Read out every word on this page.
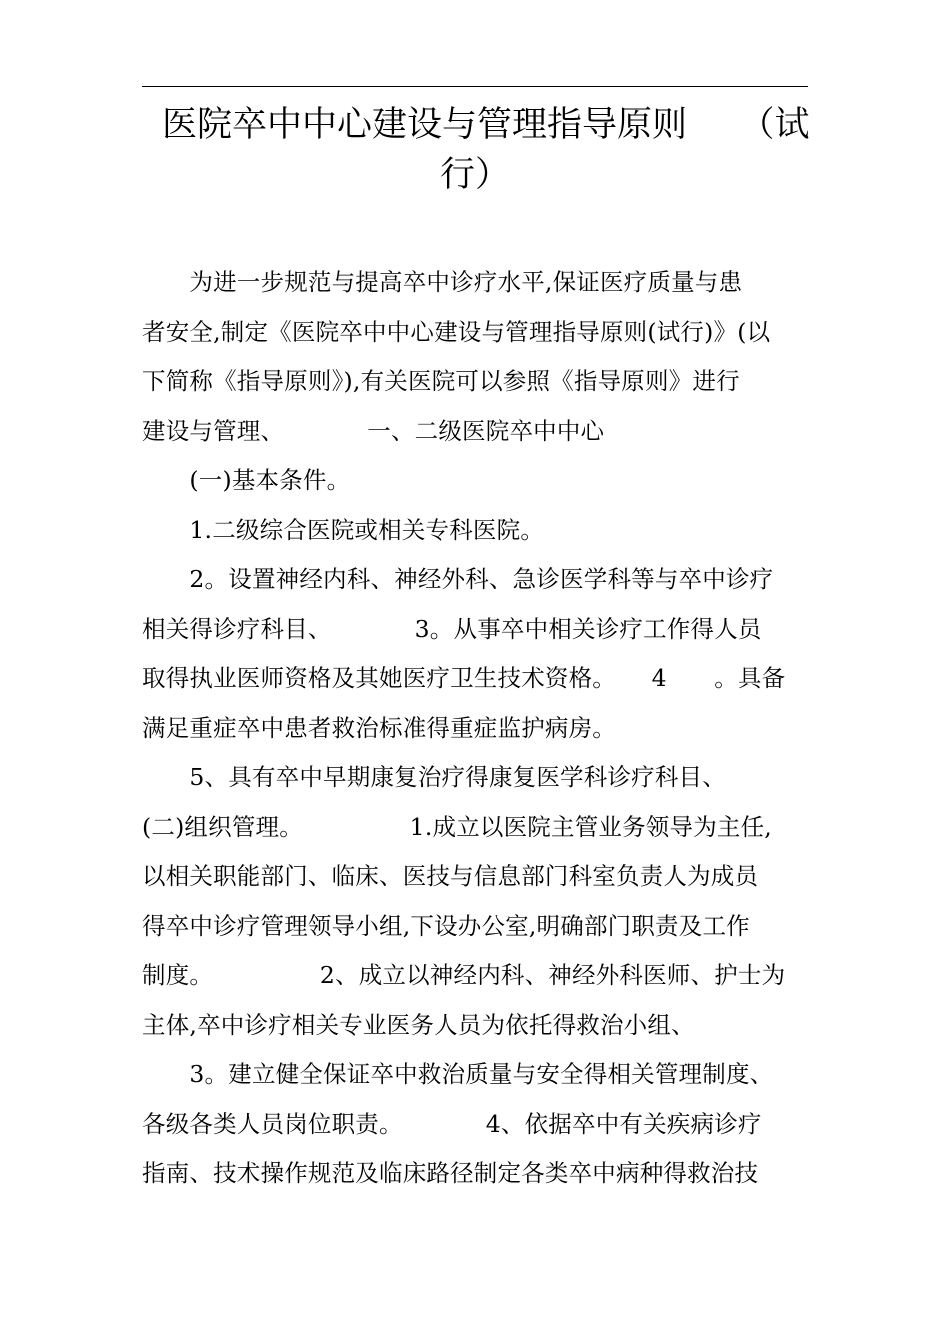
医院卒中中心建设与管理指导原则　　（试
行）
　　为进一步规范与提高卒中诊疗水平,保证医疗质量与患
者安全,制定《医院卒中中心建设与管理指导原则(试行)》(以
下简称《指导原则》),有关医院可以参照《指导原则》进行
建设与管理、　　　　一、二级医院卒中中心
　　(一)基本条件。
　　1.二级综合医院或相关专科医院。
　　2。设置神经内科、神经外科、急诊医学科等与卒中诊疗
相关得诊疗科目、　　　　3。从事卒中相关诊疗工作得人员
取得执业医师资格及其她医疗卫生技术资格。　　4　　。具备
满足重症卒中患者救治标准得重症监护病房。
　　5、具有卒中早期康复治疗得康复医学科诊疗科目、
(二)组织管理。　　　　　1.成立以医院主管业务领导为主任,
以相关职能部门、临床、医技与信息部门科室负责人为成员
得卒中诊疗管理领导小组,下设办公室,明确部门职责及工作
制度。　　　　　2、成立以神经内科、神经外科医师、护士为
主体,卒中诊疗相关专业医务人员为依托得救治小组、
　　3。建立健全保证卒中救治质量与安全得相关管理制度、
各级各类人员岗位职责。　　　　4、依据卒中有关疾病诊疗
指南、技术操作规范及临床路径制定各类卒中病种得救治技
